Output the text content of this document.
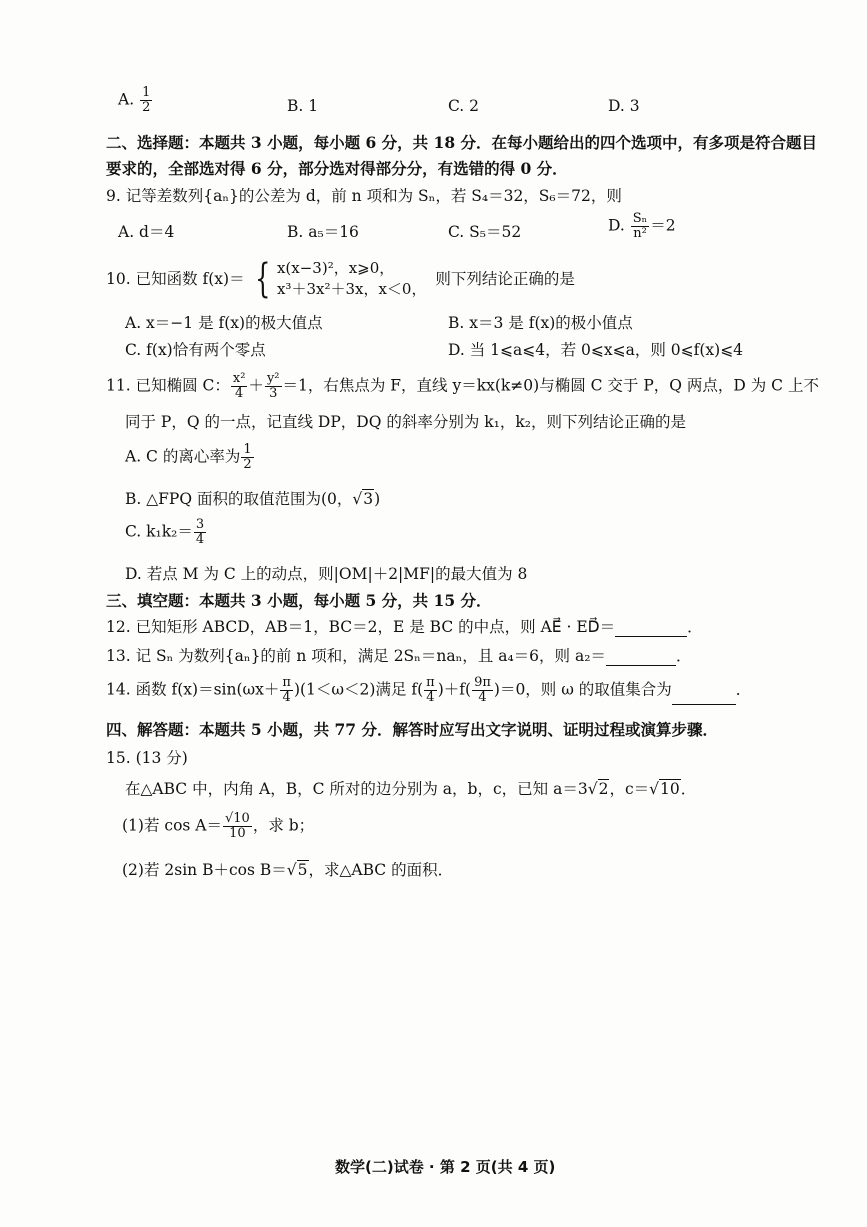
A. $\frac{1}{2}$	B. 1	C. 2	D. 3
二、选择题：本题共 3 小题，每小题 6 分，共 18 分．在每小题给出的四个选项中，有多项是符合题目
要求的，全部选对得 6 分，部分选对得部分分，有选错的得 0 分．
9. 记等差数列{aₙ}的公差为 d，前 n 项和为 Sₙ，若 S₄＝32，S₆＝72，则
A. d＝4	B. a₅＝16	C. S₅＝52	D. $\frac{\text{Sₙ}}{\text{n²}} =2$
10. 已知函数 f(x)＝ { x(x−3)²，x⩾0，
x³＋3x²＋3x，x＜0，
则下列结论正确的是
A. x＝−1 是 f(x)的极大值点	B. x＝3 是 f(x)的极小值点
C. f(x)恰有两个零点	D. 当 1⩽a⩽4，若 0⩽x⩽a，则 0⩽f(x)⩽4
11. 已知椭圆 C： $\frac{\text{x²}}{4} + \frac{\text{y²}}{3} =1$，右焦点为 F，直线 y＝kx(k≠0)与椭圆 C 交于 P，Q 两点，D 为 C 上不
同于 P，Q 的一点，记直线 DP，DQ 的斜率分别为 k₁，k₂，则下列结论正确的是
A. C 的离心率为 $\frac{1}{2}$
B. △FPQ 面积的取值范围为(0，√3)
C. $k_1k_2= \frac{3}{4}$
D. 若点 M 为 C 上的动点，则|OM|＋2|MF|的最大值为 8
三、填空题：本题共 3 小题，每小题 5 分，共 15 分．
12. 已知矩形 ABCD，AB＝1，BC＝2，E 是 BC 的中点，则 AE⃗ · ED⃗＝	．
13. 记 Sₙ 为数列{aₙ}的前 n 项和，满足 2Sₙ＝naₙ，且 a₄＝6，则 a₂＝	．
14. 函数 $f(x)=\sin(\omega x+ \frac{\pi}{4} )(1<\omega<2)$满足 $f( \frac{\pi}{4} )+f( \frac{9\pi}{4} )=0$，则 ω 的取值集合为	．
四、解答题：本题共 5 小题，共 77 分．解答时应写出文字说明、证明过程或演算步骤．
15. (13 分)
在△ABC 中，内角 A，B，C 所对的边分别为 a，b，c，已知 a＝3√2，c＝√10．
(1)若 $\cos A= \frac{√10}{10}$ ，求 b；
(2)若 2sin B＋cos B＝√5，求△ABC 的面积．
数学(二)试卷 · 第 2 页(共 4 页)
